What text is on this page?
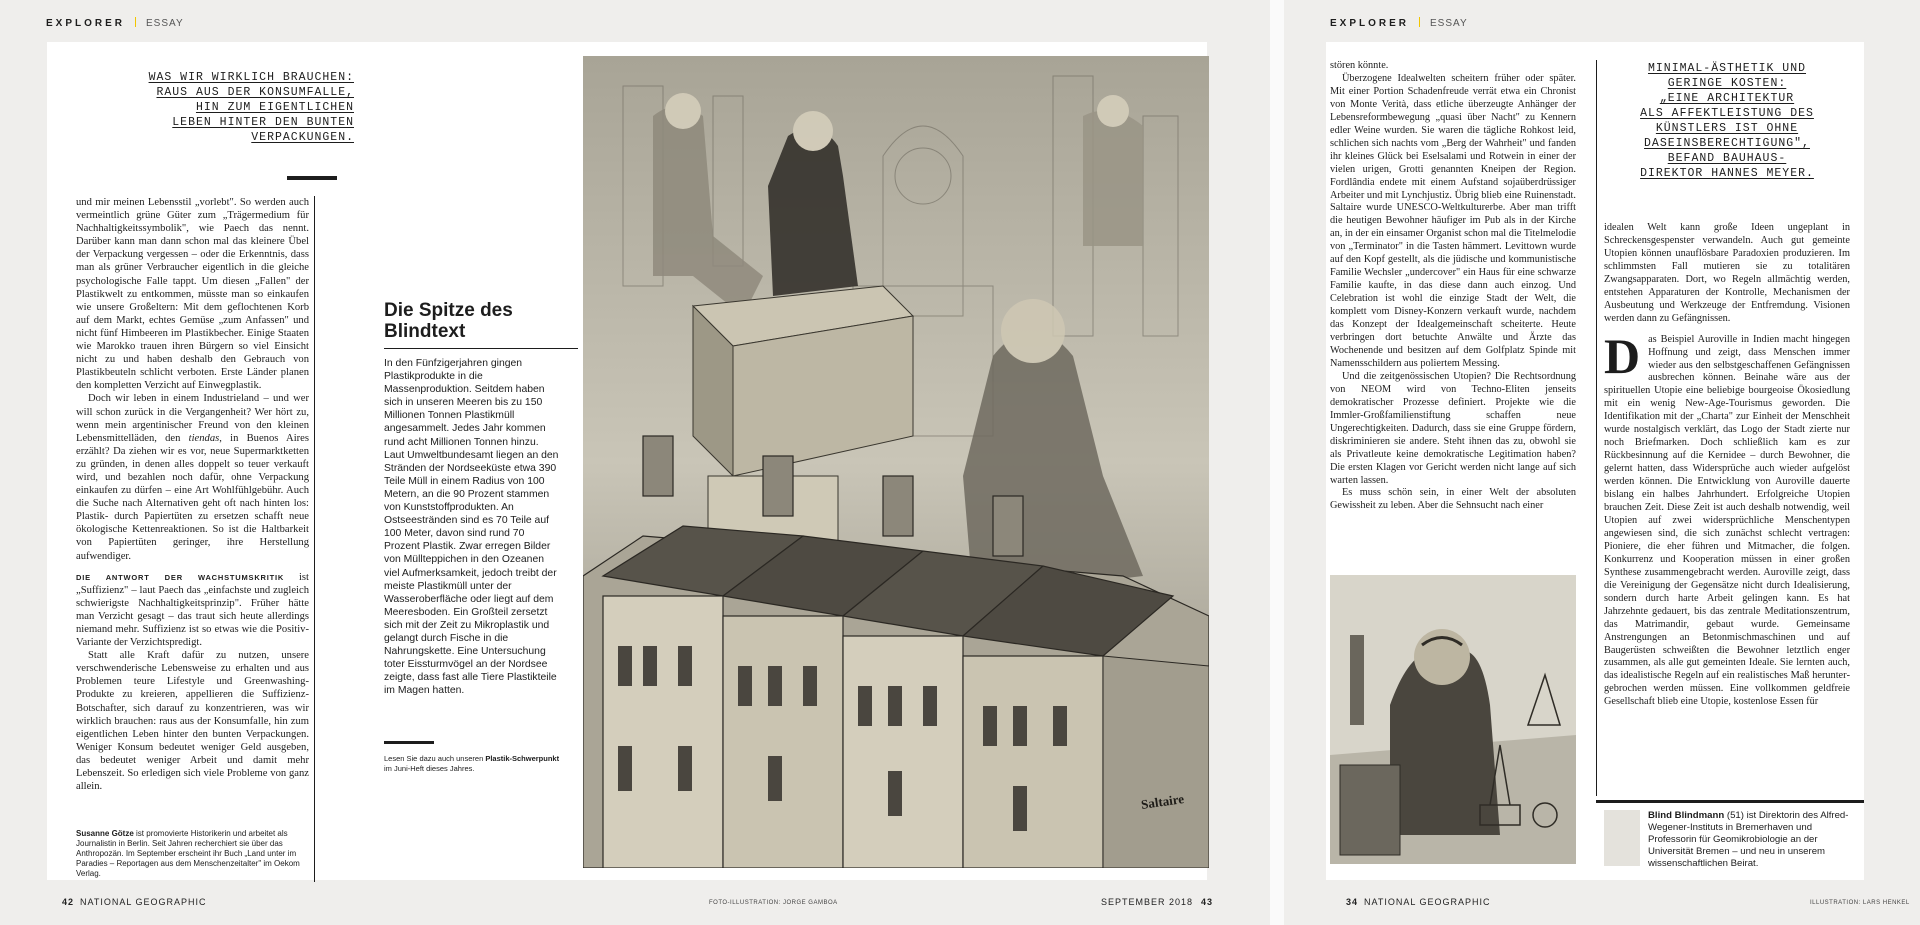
EXPLORER ESSAY
WAS WIR WIRKLICH BRAUCHEN:
RAUS AUS DER KONSUMFALLE,
HIN ZUM EIGENTLICHEN
LEBEN HINTER DEN BUNTEN
VERPACKUNGEN.

und mir meinen Lebensstil „vorlebt". So werden auch vermeintlich grüne Güter zum „Trägermedium für Nachhaltigkeitssymbolik", wie Paech das nennt. Darüber kann man dann schon mal das kleinere Übel der Verpackung vergessen – oder die Erkenntnis, dass man als grüner Verbraucher eigentlich in die gleiche psychologische Falle tappt. Um diesen „Fallen" der Plastikwelt zu entkommen, müsste man so einkaufen wie unsere Großeltern: Mit dem geflochtenen Korb auf dem Markt, echtes Gemüse „zum Anfassen" und nicht fünf Himbeeren im Plastikbecher. Einige Staaten wie Marokko trauen ihren Bürgern so viel Einsicht nicht zu und haben deshalb den Gebrauch von Plastikbeuteln schlicht verboten. Erste Länder planen den kompletten Verzicht auf Einwegplastik.

Doch wir leben in einem Industrieland – und wer will schon zurück in die Vergangenheit? Wer hört zu, wenn mein argentinischer Freund von den kleinen Lebensmittelläden, den tiendas, in Buenos Aires erzählt? Da ziehen wir es vor, neue Supermarktketten zu gründen, in denen alles doppelt so teuer verkauft wird, und bezahlen noch dafür, ohne Verpackung einkaufen zu dürfen – eine Art Wohlfühlgebühr. Auch die Suche nach Alternativen geht oft nach hinten los: Plastik- durch Papiertüten zu ersetzen schafft neue ökologische Kettenreaktionen. So ist die Haltbarkeit von Papiertüten geringer, ihre Herstellung aufwendiger.

DIE ANTWORT DER WACHSTUMSKRITIK ist „Suffizienz" – laut Paech das „einfachste und zugleich schwierigste Nachhaltigkeitsprinzip". Früher hätte man Verzicht gesagt – das traut sich heute allerdings niemand mehr. Suffizienz ist so etwas wie die Positiv-Variante der Verzichtspredigt.

Statt alle Kraft dafür zu nutzen, unsere verschwenderische Lebensweise zu erhalten und aus Problemen teure Lifestyle und Greenwashing-Produkte zu kreieren, appellieren die Suffizienz-Botschafter, sich darauf zu konzentrieren, was wir wirklich brauchen: raus aus der Konsumfalle, hin zum eigentlichen Leben hinter den bunten Verpackungen. Weniger Konsum bedeutet weniger Geld ausgeben, das bedeutet weniger Arbeit und damit mehr Lebenszeit. So erledigen sich viele Probleme von ganz allein.

Susanne Götze ist promovierte Historikerin und arbeitet als Journalistin in Berlin. Seit Jahren recherchiert sie über das Anthropozän. Im September erscheint ihr Buch „Land unter im Paradies – Reportagen aus dem Menschenzeitalter" im Oekom Verlag.
Die Spitze des Blindtext
In den Fünfzigerjahren gingen Plastikprodukte in die Massenproduktion. Seitdem haben sich in unseren Meeren bis zu 150 Millionen Tonnen Plastikmüll angesammelt. Jedes Jahr kommen rund acht Millionen Tonnen hinzu. Laut Umweltbundesamt liegen an den Stränden der Nordseeküste etwa 390 Teile Müll in einem Radius von 100 Metern, an die 90 Prozent stammen von Kunststoffprodukten. An Ostseestränden sind es 70 Teile auf 100 Meter, davon sind rund 70 Prozent Plastik. Zwar erregen Bilder von Müllteppichen in den Ozeanen viel Aufmerksamkeit, jedoch treibt der meiste Plastikmüll unter der Wasseroberfläche oder liegt auf dem Meeresboden. Ein Großteil zersetzt sich mit der Zeit zu Mikroplastik und gelangt durch Fische in die Nahrungskette. Eine Untersuchung toter Eissturmvögel an der Nordsee zeigte, dass fast alle Tiere Plastikteile im Magen hatten.
Lesen Sie dazu auch unseren Plastik-Schwerpunkt im Juni-Heft dieses Jahres.
Saltaire
42 NATIONAL GEOGRAPHIC	FOTO-ILLUSTRATION: JORGE GAMBOA	SEPTEMBER 2018 43
EXPLORER ESSAY

stören könnte.

Überzogene Idealwelten scheitern früher oder später. Mit einer Portion Schadenfreude verrät etwa ein Chronist von Monte Verità, dass etliche überzeugte Anhänger der Lebensreformbewegung „quasi über Nacht" zu Kennern edler Weine wurden. Sie waren die tägliche Rohkost leid, schlichen sich nachts vom „Berg der Wahrheit" und fanden ihr kleines Glück bei Eselsalami und Rotwein in einer der vielen urigen, Grotti genannten Kneipen der Region. Fordlândia endete mit einem Aufstand sojaüberdrüssiger Arbeiter und mit Lynchjustiz. Übrig blieb eine Ruinenstadt. Saltaire wurde UNESCO-Weltkulturerbe. Aber man trifft die heutigen Bewohner häufiger im Pub als in der Kirche an, in der ein einsamer Organist schon mal die Titelmelodie von „Terminator" in die Tasten hämmert. Levittown wurde auf den Kopf gestellt, als die jüdische und kommunistische Familie Wechsler „undercover" ein Haus für eine schwarze Familie kaufte, in das diese dann auch einzog. Und Celebration ist wohl die einzige Stadt der Welt, die komplett vom Disney-Konzern verkauft wurde, nachdem das Konzept der Idealgemeinschaft scheiterte. Heute verbringen dort betuchte Anwälte und Ärzte das Wochenende und besitzen auf dem Golfplatz Spinde mit Namensschildern aus poliertem Messing.

Und die zeitgenössischen Utopien? Die Rechtsordnung von NEOM wird von Techno-Eliten jenseits demokratischer Prozesse definiert. Projekte wie die Immler-Großfamilienstiftung schaffen neue Ungerechtigkeiten. Dadurch, dass sie eine Gruppe fördern, diskriminieren sie andere. Steht ihnen das zu, obwohl sie als Privatleute keine demokratische Legitimation haben? Die ersten Klagen vor Gericht werden nicht lange auf sich warten lassen.

Es muss schön sein, in einer Welt der absoluten Gewissheit zu leben. Aber die Sehnsucht nach einer

MINIMAL-ÄSTHETIK UND
GERINGE KOSTEN:
„EINE ARCHITEKTUR
ALS AFFEKTLEISTUNG DES
KÜNSTLERS IST OHNE
DASEINSBERECHTIGUNG",
BEFAND BAUHAUS-
DIREKTOR HANNES MEYER.

idealen Welt kann große Ideen ungeplant in Schreckensgespenster verwandeln. Auch gut gemeinte Utopien können unauflösbare Paradoxien produzieren. Im schlimmsten Fall mutieren sie zu totalitären Zwangsapparaten. Dort, wo Regeln allmächtig werden, entstehen Apparaturen der Kontrolle, Mechanismen der Ausbeutung und Werkzeuge der Entfremdung. Visionen werden dann zu Gefängnissen.

Das Beispiel Auroville in Indien macht hingegen Hoffnung und zeigt, dass Menschen immer wieder aus den selbstgeschaffenen Gefängnissen ausbrechen können. Beinahe wäre aus der spirituellen Utopie eine beliebige bourgeoise Ökosiedlung mit ein wenig New-Age-Tourismus geworden. Die Identifikation mit der „Charta" zur Einheit der Menschheit wurde nostalgisch verklärt, das Logo der Stadt zierte nur noch Briefmarken. Doch schließlich kam es zur Rückbesinnung auf die Kernidee – durch Bewohner, die gelernt hatten, dass Widersprüche auch wieder aufgelöst werden können. Die Entwicklung von Auroville dauerte bislang ein halbes Jahrhundert. Erfolgreiche Utopien brauchen Zeit. Diese Zeit ist auch deshalb notwendig, weil Utopien auf zwei widersprüchliche Menschentypen angewiesen sind, die sich zunächst schlecht vertragen: Pioniere, die eher führen und Mitmacher, die folgen. Konkurrenz und Kooperation müssen in einer großen Synthese zusammengebracht werden. Auroville zeigt, dass die Vereinigung der Gegensätze nicht durch Idealisierung, sondern durch harte Arbeit gelingen kann. Es hat Jahrzehnte gedauert, bis das zentrale Meditationszentrum, das Matrimandir, gebaut wurde. Gemeinsame Anstrengungen an Betonmischmaschinen und auf Baugerüsten schweißten die Bewohner letztlich enger zusammen, als alle gut gemeinten Ideale. Sie lernten auch, das idealistische Regeln auf ein realistisches Maß heruntergebrochen werden müssen. Eine vollkommen geldfreie Gesellschaft blieb eine Utopie, kostenlose Essen für

Blind Blindmann (51) ist Direktorin des Alfred-Wegener-Instituts in Bremerhaven und Professorin für Geomikrobiologie an der Universität Bremen – und neu in unserem wissenschaftlichen Beirat.
34 NATIONAL GEOGRAPHIC	ILLUSTRATION: LARS HENKEL
